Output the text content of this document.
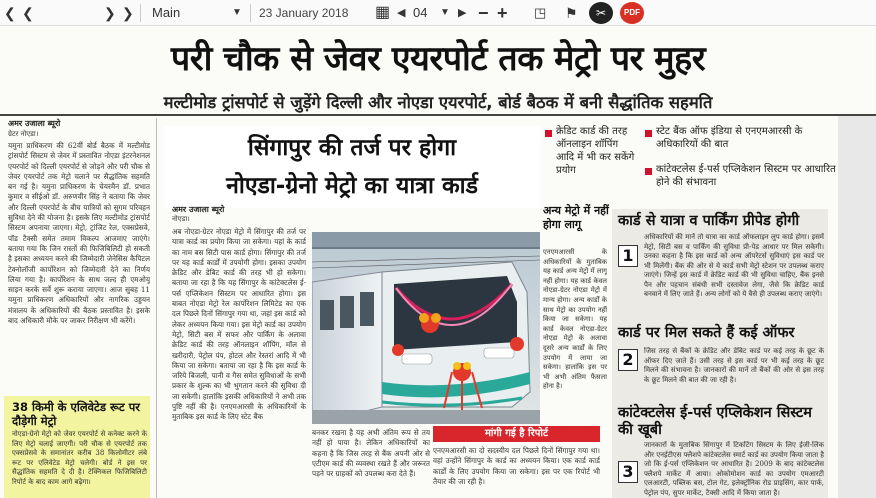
❮ ❮	❯ ❯ Main	▼ 23 January 2018 ▦ ◀ 04 ▼ ▶ − + ◳ ⚑	✂	PDF
परी चौक से जेवर एयरपोर्ट तक मेट्रो पर मुहर
मल्टीमोड ट्रांसपोर्ट से जुड़ेंगे दिल्ली और नोएडा एयरपोर्ट, बोर्ड बैठक में बनी सैद्धांतिक सहमति
अमर उजाला ब्यूरो
ग्रेटर नोएडा।
यमुना प्राधिकरण की 62वीं बोर्ड बैठक में मल्टीमोड ट्रांसपोर्ट सिस्टम से जेवर में प्रस्तावित नोएडा इंटरनेशनल एयरपोर्ट को दिल्ली एयरपोर्ट से जोड़ने और परी चौक से जेवर एयरपोर्ट तक मेट्रो चलाने पर सैद्धांतिक सहमति बन गई है। यमुना प्राधिकरण के चेयरमैन डॉ. प्रभात कुमार व सीईओ डॉ. अरुणवीर सिंह ने बताया कि जेवर और दिल्ली एयरपोर्ट के बीच यात्रियों को सुगम परिवहन सुविधा देने की योजना है। इसके लिए मल्टीमोड ट्रांसपोर्ट सिस्टम अपनाया जाएगा। मेट्रो, ट्रांजिट रेल, एक्सप्रेसवे, पॉड टैक्सी समेत तमाम विकल्प आजमाए जाएंगे। बताया गया कि जिन रास्तों की फिजिबिलिटी हो सकती है इसका अध्ययन करने की जिम्मेदारी जेनेसिस कैपिटल टेक्नोलॉजी कार्पोरेशन को जिम्मेदारी देने का निर्णय लिया गया है। कार्पोरेशन के साथ जल्द ही एमओयू साइन करके सर्वे शुरू कराया जाएगा। आज सुबह 11 यमुना प्राधिकरण अधिकारियों और नागरिक उड्डयन मंत्रालय के अधिकारियों की बैठक प्रस्तावित है। इसके बाद अधिकारी मौके पर जाकर निरीक्षण भी करेंगे।
38 किमी के एलिवेटेड रूट पर दौड़ेगी मेट्रो
नोएडा-ग्रेनो मेट्रो को जेवर एयरपोर्ट से कनेक्ट करने के लिए मेट्रो चलाई जाएगी। परी चौक से एयरपोर्ट तक एक्सप्रेसवे के समानांतर करीब 38 किलोमीटर लंबे रूट पर एलिवेटेड मेट्रो चलेगी। बोर्ड ने इस पर सैद्धांतिक सहमति दे दी है। टेक्निकल फिजिबिलिटी रिपोर्ट के बाद काम आगे बढ़ेगा।
सिंगापुर की तर्ज पर होगा
नोएडा-ग्रेनो मेट्रो का यात्रा कार्ड
क्रेडिट कार्ड की तरह ऑनलाइन शॉपिंग आदि में भी कर सकेंगे प्रयोग
स्टेट बैंक ऑफ इंडिया से एनएमआरसी के अधिकारियों की बात
कांटेक्टलेस ई-पर्स एप्लिकेशन सिस्टम पर आधारित होने की संभावना
अमर उजाला ब्यूरो
नोएडा।
अब नोएडा-ग्रेटर नोएडा मेट्रो में सिंगापुर की तर्ज पर यात्रा कार्ड का प्रयोग किया जा सकेगा। यहां के कार्ड का नाम बस सिटी पास कार्ड होगा। सिंगापुर की तर्ज पर यह कार्ड कार्डों में उपयोगी होगा। इसका उपयोग क्रेडिट और डेबिट कार्ड की तरह भी हो सकेगा। बताया जा रहा है कि यह सिंगापुर के कांटेक्टलेस ई-पर्स एप्लिकेशन सिस्टम पर आधारित होगा। इस बाबत नोएडा मेट्रो रेल कार्पोरेशन लिमिटेड का एक दल पिछले दिनों सिंगापुर गया था, जहां इस कार्ड को लेकर अध्ययन किया गया। इस मेट्रो कार्ड का उपयोग मेट्रो, सिटी बस में सफर और पार्किंग के अलावा क्रेडिट कार्ड की तरह ऑनलाइन शॉपिंग, मॉल से खरीदारी, पेट्रोल पंप, होटल और रेस्तरां आदि में भी किया जा सकेगा। बताया जा रहा है कि इस कार्ड के जरिये बिजली, पानी व गैस समेत सुविधाओं के सभी प्रकार के शुल्क का भी भुगतान करने की सुविधा दी जा सकेगी। हालांकि इसकी अधिकारियों ने अभी तक पुष्टि नहीं की है। एनएमआरसी के अधिकारियों के मुताबिक इस कार्ड के लिए स्टेट बैंक
अन्य मेट्रो में नहीं होगा लागू
एनएमआरसी के अधिकारियों के मुताबिक यह कार्ड अन्य मेट्रो में लागू नहीं होगा। यह कार्ड केवल नोएडा-ग्रेटर नोएडा मेट्रो में मान्य होगा। अन्य कार्डों के साथ मेट्रो का उपयोग नहीं किया जा सकेगा। यह कार्ड केवल नोएडा-ग्रेटर नोएडा मेट्रो के अलावा दूसरे अन्य कार्डों के लिए उपयोग में लाया जा सकेगा। हालांकि इस पर भी अभी अंतिम फैसला होना है।
बनकर रखना है यह अभी अंतिम रूप से तय नहीं हो पाया है। लेकिन अधिकारियों का कहना है कि जिस तरह से बैंक अपनी ओर से एटीएम कार्ड की व्यवस्था रखते हैं और जरूरत पड़ने पर ग्राहकों को उपलब्ध करा देते हैं।
मांगी गई है रिपोर्ट
एनएमआरसी का दो सदस्यीय दल पिछले दिनों सिंगापुर गया था। वहां उन्होंने सिंगापुर के कार्ड का अध्ययन किया। एक कार्ड कार्ड कार्डों के लिए उपयोग किया जा सकेगा। इस पर एक रिपोर्ट भी तैयार की जा रही है।
कार्ड से यात्रा व पार्किंग प्रीपेड होगी
1
अधिकारियों की मानें तो यात्रा का कार्ड ऑफलाइन लुप कार्ड होगा। इसमें मेट्रो, सिटी बस व पार्किंग की सुविधा प्री-पेड आधार पर मिल सकेगी। उनका कहना है कि इस कार्ड को अन्य ऑपरेटर्स सुविधाएं इस कार्ड पर भी मिलेंगी। बैंक की ओर से ये कार्ड सभी मेट्रो स्टेशन पर उपलब्ध कराए जाएंगे। जिन्हें इस कार्ड में क्रेडिट कार्ड की भी सुविधा चाहिए, बैंक इनसे पैन और पहचान संबंधी सभी दस्तावेज लेगा, जैसे कि क्रेडिट कार्ड बनवाने में लिए जाते हैं। अन्य लोगों को ये वैसे ही उपलब्ध कराए जाएंगे।
कार्ड पर मिल सकते हैं कई ऑफर
2	जिस तरह से बैंकों के क्रेडिट और डेबिट कार्ड पर कई तरह के छूट के ऑफर दिए जाते हैं। उसी तरह से इस कार्ड पर भी कई तरह के छूट मिलने की संभावना है। जानकारों की मानें तो बैंकों की ओर से इस तरह के छूट मिलने की बात की जा रही है।
कांटेक्टलेस ई-पर्स एप्लिकेशन सिस्टम की खूबी
3
जानकारों के मुताबिक सिंगापुर में टिकटिंग सिस्टम के लिए ईजी-लिंक और एनईटीएस फ्लैशपे कांटेक्टलेस स्मार्ट कार्ड का उपयोग किया जाता है जो कि ई-पर्स एप्लिकेशन पर आधारित है। 2009 के बाद कांटेक्टलेस फ्लैशपे मार्केट में आया। ओकोमोशन कार्ड का उपयोग एमआरटी एलआरटी, पब्लिक बस, टोल गेट, इलेक्ट्रॉनिक रोड प्राइसिंग, कार पार्क, पेट्रोल पंप, सुपर मार्केट, टैक्सी आदि में किया जाता है।
